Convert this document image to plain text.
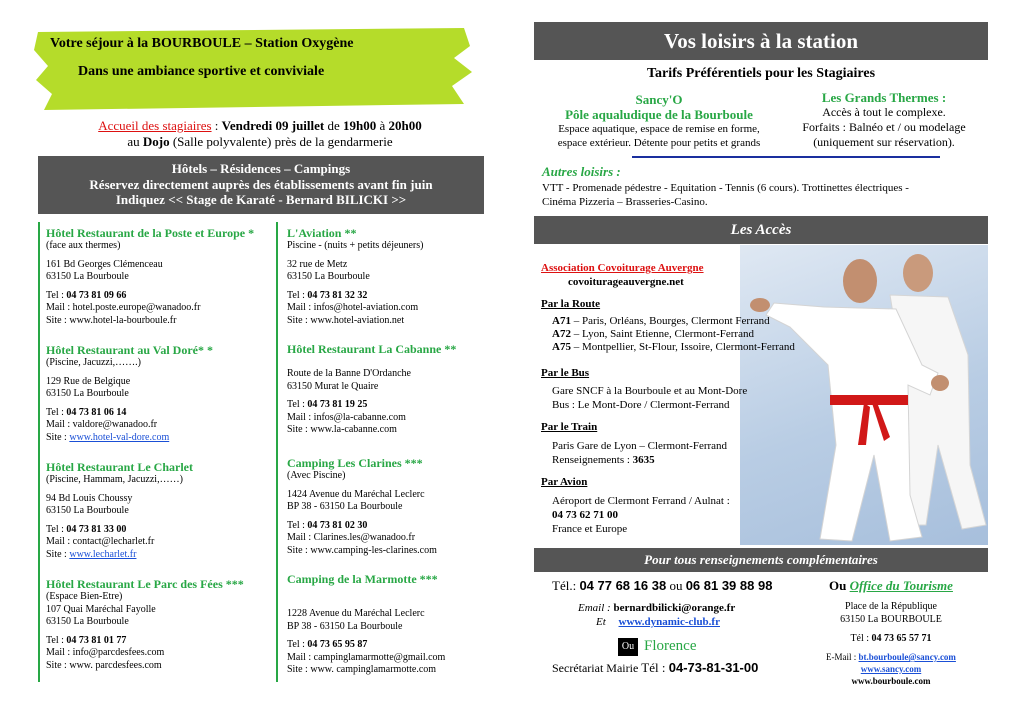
Votre séjour à la BOURBOULE – Station Oxygène
Dans une ambiance sportive et conviviale
Accueil des stagiaires : Vendredi 09 juillet de 19h00 à 20h00
au Dojo (Salle polyvalente) près de la gendarmerie
Hôtels – Résidences – Campings
Réservez directement auprès des établissements avant fin juin
Indiquez << Stage de Karaté - Bernard BILICKI >>
Hôtel Restaurant de la Poste et Europe *
(face aux thermes)
161 Bd Georges Clémenceau
63150 La Bourboule
Tel : 04 73 81 09 66
Mail : hotel.poste.europe@wanadoo.fr
Site : www.hotel-la-bourboule.fr
Hôtel Restaurant au Val Doré* *
(Piscine, Jacuzzi,…….)
129 Rue de Belgique
63150 La Bourboule
Tel : 04 73 81 06 14
Mail : valdore@wanadoo.fr
Site : www.hotel-val-dore.com
Hôtel Restaurant Le Charlet
(Piscine, Hammam, Jacuzzi,……)
94 Bd Louis Choussy
63150 La Bourboule
Tel : 04 73 81 33 00
Mail : contact@lecharlet.fr
Site : www.lecharlet.fr
Hôtel Restaurant Le Parc des Fées ***
(Espace Bien-Etre)
107 Quai Maréchal Fayolle
63150 La Bourboule
Tel : 04 73 81 01 77
Mail : info@parcdesfees.com
Site : www. parcdesfees.com
L'Aviation **
Piscine - (nuits + petits déjeuners)
32 rue de Metz
63150 La Bourboule
Tel : 04 73 81 32 32
Mail : infos@hotel-aviation.com
Site : www.hotel-aviation.net
Hôtel Restaurant La Cabanne **
Route de la Banne D'Ordanche
63150 Murat le Quaire
Tel : 04 73 81 19 25
Mail : infos@la-cabanne.com
Site : www.la-cabanne.com
Camping Les Clarines ***
(Avec Piscine)
1424 Avenue du Maréchal Leclerc
BP 38 - 63150 La Bourboule
Tel : 04 73 81 02 30
Mail : Clarines.les@wanadoo.fr
Site : www.camping-les-clarines.com
Camping de la Marmotte ***
1228 Avenue du Maréchal Leclerc
BP 38 - 63150 La Bourboule
Tel : 04 73 65 95 87
Mail : campinglamarmotte@gmail.com
Site : www. campinglamarmotte.com
Vos loisirs à la station
Tarifs Préférentiels pour les Stagiaires
Sancy'O
Pôle aqualudique de la Bourboule
Espace aquatique, espace de remise en forme,
espace extérieur. Détente pour petits et grands
Les Grands Thermes :
Accès à tout le complexe.
Forfaits : Balnéo et / ou modelage
(uniquement sur réservation).
Autres loisirs :
VTT - Promenade pédestre - Equitation - Tennis (6 cours). Trottinettes électriques -
Cinéma Pizzeria – Brasseries-Casino.
Les Accès
Association Covoiturage Auvergne
covoiturageauvergne.net
Par la Route
A71 – Paris, Orléans, Bourges, Clermont Ferrand
A72 – Lyon, Saint Etienne, Clermont-Ferrand
A75 – Montpellier, St-Flour, Issoire, Clermont-Ferrand
Par le Bus
Gare SNCF à la Bourboule et au Mont-Dore
Bus : Le Mont-Dore / Clermont-Ferrand
Par le Train
Paris Gare de Lyon – Clermont-Ferrand
Renseignements : 3635
Par Avion
Aéroport de Clermont Ferrand / Aulnat :
04 73 62 71 00
France et Europe
Pour tous renseignements complémentaires
Tél.: 04 77 68 16 38 ou 06 81 39 88 98
Email : bernardbilicki@orange.fr
Et www.dynamic-club.fr
Ou Florence
Secrétariat Mairie Tél : 04-73-81-31-00
Ou Office du Tourisme
Place de la République
63150 La BOURBOULE
Tél : 04 73 65 57 71
E-Mail : bt.bourboule@sancy.com
www.sancy.com
www.bourboule.com
